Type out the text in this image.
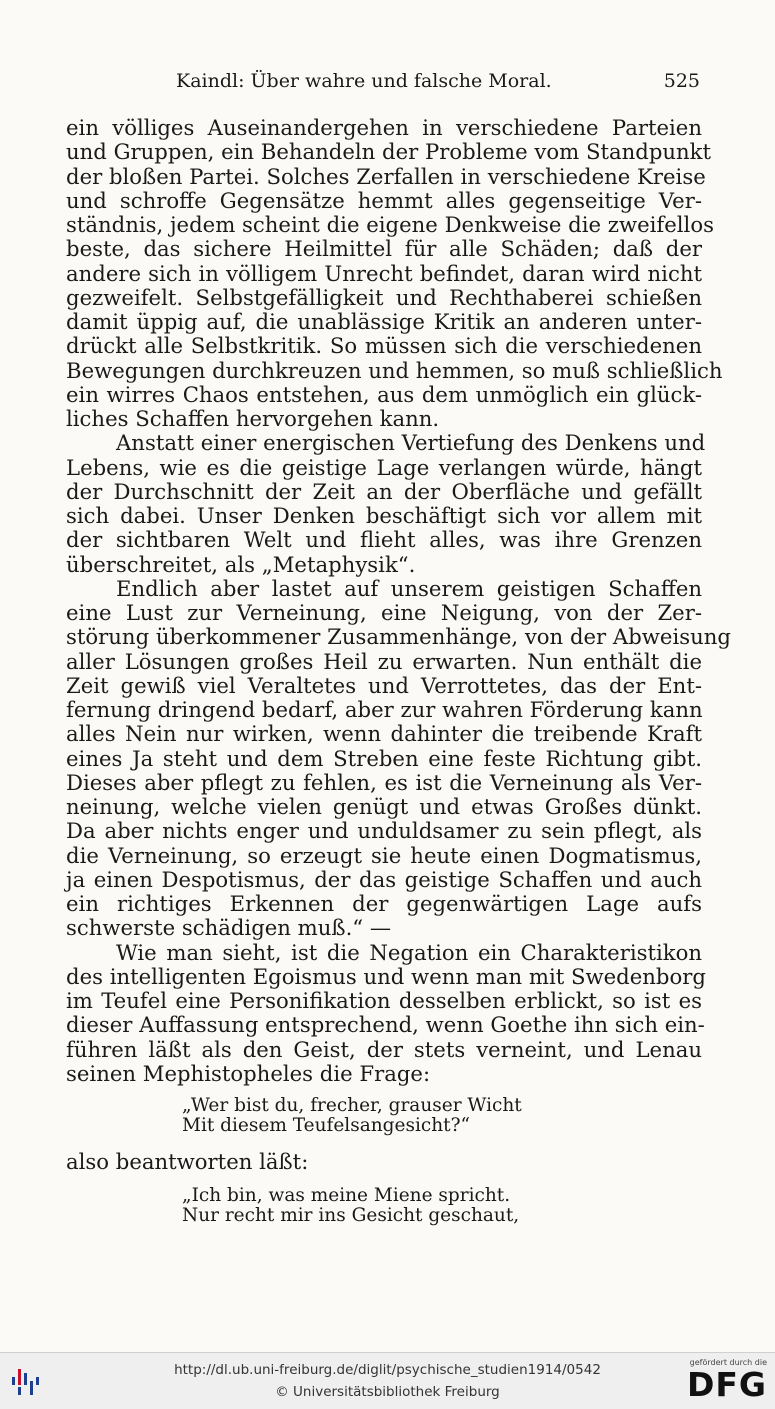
Kaindl: Über wahre und falsche Moral.	525
ein völliges Auseinandergehen in verschiedene Parteien
und Gruppen, ein Behandeln der Probleme vom Standpunkt
der bloßen Partei. Solches Zerfallen in verschiedene Kreise
und schroffe Gegensätze hemmt alles gegenseitige Ver-
ständnis, jedem scheint die eigene Denkweise die zweifellos
beste, das sichere Heilmittel für alle Schäden; daß der
andere sich in völligem Unrecht befindet, daran wird nicht
gezweifelt. Selbstgefälligkeit und Rechthaberei schießen
damit üppig auf, die unablässige Kritik an anderen unter-
drückt alle Selbstkritik. So müssen sich die verschiedenen
Bewegungen durchkreuzen und hemmen, so muß schließlich
ein wirres Chaos entstehen, aus dem unmöglich ein glück-
liches Schaffen hervorgehen kann.
Anstatt einer energischen Vertiefung des Denkens und
Lebens, wie es die geistige Lage verlangen würde, hängt
der Durchschnitt der Zeit an der Oberfläche und gefällt
sich dabei. Unser Denken beschäftigt sich vor allem mit
der sichtbaren Welt und flieht alles, was ihre Grenzen
überschreitet, als „Metaphysik“.
Endlich aber lastet auf unserem geistigen Schaffen
eine Lust zur Verneinung, eine Neigung, von der Zer-
störung überkommener Zusammenhänge, von der Abweisung
aller Lösungen großes Heil zu erwarten. Nun enthält die
Zeit gewiß viel Veraltetes und Verrottetes, das der Ent-
fernung dringend bedarf, aber zur wahren Förderung kann
alles Nein nur wirken, wenn dahinter die treibende Kraft
eines Ja steht und dem Streben eine feste Richtung gibt.
Dieses aber pflegt zu fehlen, es ist die Verneinung als Ver-
neinung, welche vielen genügt und etwas Großes dünkt.
Da aber nichts enger und unduldsamer zu sein pflegt, als
die Verneinung, so erzeugt sie heute einen Dogmatismus,
ja einen Despotismus, der das geistige Schaffen und auch
ein richtiges Erkennen der gegenwärtigen Lage aufs
schwerste schädigen muß.“ —
Wie man sieht, ist die Negation ein Charakteristikon
des intelligenten Egoismus und wenn man mit Swedenborg
im Teufel eine Personifikation desselben erblickt, so ist es
dieser Auffassung entsprechend, wenn Goethe ihn sich ein-
führen läßt als den Geist, der stets verneint, und Lenau
seinen Mephistopheles die Frage:
„Wer bist du, frecher, grauser Wicht
Mit diesem Teufelsangesicht?“
also beantworten läßt:
„Ich bin, was meine Miene spricht.
Nur recht mir ins Gesicht geschaut,
http://dl.ub.uni-freiburg.de/diglit/psychische_studien1914/0542
© Universitätsbibliothek Freiburg
gefördert durch die
DFG
